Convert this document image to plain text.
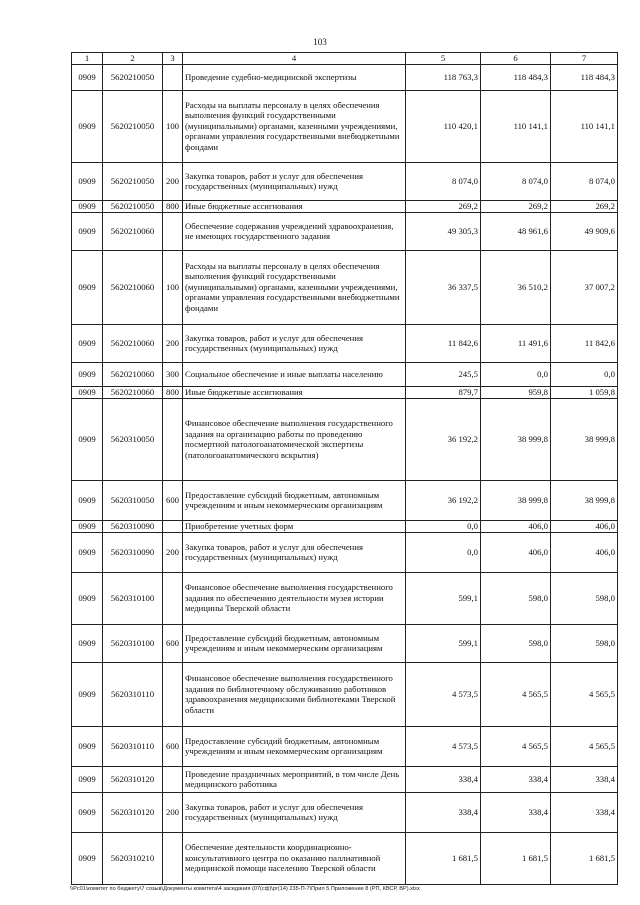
103
1	2	3	4	5	6	7
0909	5620210050		Проведение судебно-медицинской экспертизы	118 763,3	118 484,3	118 484,3
0909	5620210050	100	Расходы на выплаты персоналу в целях обеспечения выполнения функций государственными (муниципальными) органами, казенными учреждениями, органами управления государственными внебюджетными фондами	110 420,1	110 141,1	110 141,1
0909	5620210050	200	Закупка товаров, работ и услуг для обеспечения государственных (муниципальных) нужд	8 074,0	8 074,0	8 074,0
0909	5620210050	800	Иные бюджетные ассигнования	269,2	269,2	269,2
0909	5620210060		Обеспечение содержания учреждений здравоохранения, не имеющих государственного задания	49 305,3	48 961,6	49 909,6
0909	5620210060	100	Расходы на выплаты персоналу в целях обеспечения выполнения функций государственными (муниципальными) органами, казенными учреждениями, органами управления государственными внебюджетными фондами	36 337,5	36 510,2	37 007,2
0909	5620210060	200	Закупка товаров, работ и услуг для обеспечения государственных (муниципальных) нужд	11 842,6	11 491,6	11 842,6
0909	5620210060	300	Социальное обеспечение и иные выплаты населению	245,5	0,0	0,0
0909	5620210060	800	Иные бюджетные ассигнования	879,7	959,8	1 059,8
0909	5620310050		Финансовое обеспечение выполнения государственного задания на организацию работы по проведению посмертной патологоанатомической экспертизы (патологоанатомического вскрытия)	36 192,2	38 999,8	38 999,8
0909	5620310050	600	Предоставление субсидий бюджетным, автономным учреждениям и иным некоммерческим организациям	36 192,2	38 999,8	38 999,8
0909	5620310090		Приобретение учетных форм	0,0	406,0	406,0
0909	5620310090	200	Закупка товаров, работ и услуг для обеспечения государственных (муниципальных) нужд	0,0	406,0	406,0
0909	5620310100		Финансовое обеспечение выполнения государственного задания по обеспечению деятельности музея истории медицины Тверской области	599,1	598,0	598,0
0909	5620310100	600	Предоставление субсидий бюджетным, автономным учреждениям и иным некоммерческим организациям	599,1	598,0	598,0
0909	5620310110		Финансовое обеспечение выполнения государственного задания по библиотечному обслуживанию работников здравоохранения медицинскими библиотеками Тверской области	4 573,5	4 565,5	4 565,5
0909	5620310110	600	Предоставление субсидий бюджетным, автономным учреждениям и иным некоммерческим организациям	4 573,5	4 565,5	4 565,5
0909	5620310120		Проведение праздничных мероприятий, в том числе День медицинского работника	338,4	338,4	338,4
0909	5620310120	200	Закупка товаров, работ и услуг для обеспечения государственных (муниципальных) нужд	338,4	338,4	338,4
0909	5620310210		Обеспечение деятельности координационно-консультативного центра по оказанию паллиативной медицинской помощи населению Тверской области	1 681,5	1 681,5	1 681,5
\\Pc01\комитет по бюджету\7 созыв\Документы комитета\4 заседания (07(сф)\рг(14) 235-П-7\Прил 5 Приложение 8 (РП, КВСР, ВР).xlsx
